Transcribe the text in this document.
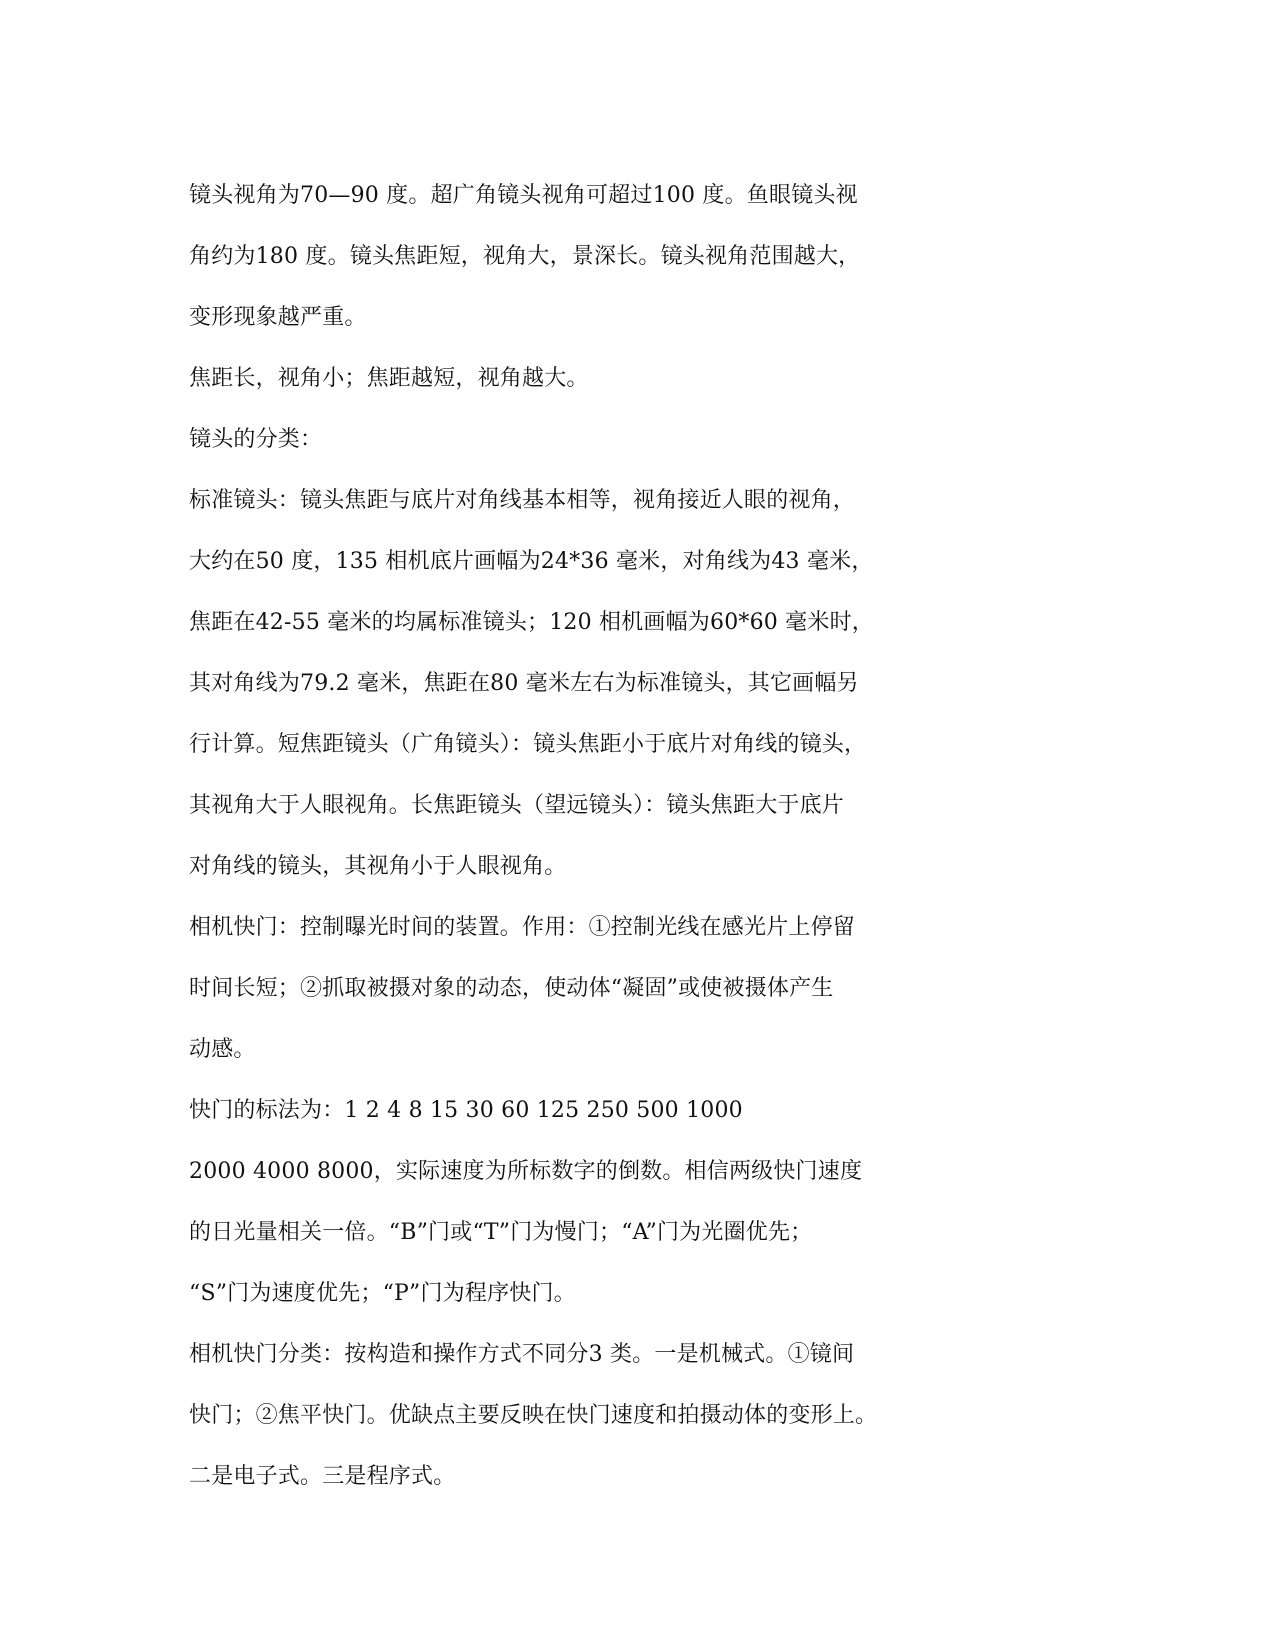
镜头视角为70—90 度。超广角镜头视角可超过100 度。鱼眼镜头视
角约为180 度。镜头焦距短，视角大，景深长。镜头视角范围越大，
变形现象越严重。
焦距长，视角小；焦距越短，视角越大。
镜头的分类：
标准镜头：镜头焦距与底片对角线基本相等，视角接近人眼的视角，
大约在50 度，135 相机底片画幅为24*36 毫米，对角线为43 毫米，
焦距在42-55 毫米的均属标准镜头；120 相机画幅为60*60 毫米时，
其对角线为79.2 毫米，焦距在80 毫米左右为标准镜头，其它画幅另
行计算。短焦距镜头（广角镜头）：镜头焦距小于底片对角线的镜头，
其视角大于人眼视角。长焦距镜头（望远镜头）：镜头焦距大于底片
对角线的镜头，其视角小于人眼视角。
相机快门：控制曝光时间的装置。作用：①控制光线在感光片上停留
时间长短；②抓取被摄对象的动态，使动体“凝固”或使被摄体产生
动感。
快门的标法为：1 2 4 8 15 30 60 125 250 500 1000
2000 4000 8000，实际速度为所标数字的倒数。相信两级快门速度
的日光量相关一倍。“B”门或“T”门为慢门；“A”门为光圈优先；
“S”门为速度优先；“P”门为程序快门。
相机快门分类：按构造和操作方式不同分3 类。一是机械式。①镜间
快门；②焦平快门。优缺点主要反映在快门速度和拍摄动体的变形上。
二是电子式。三是程序式。
